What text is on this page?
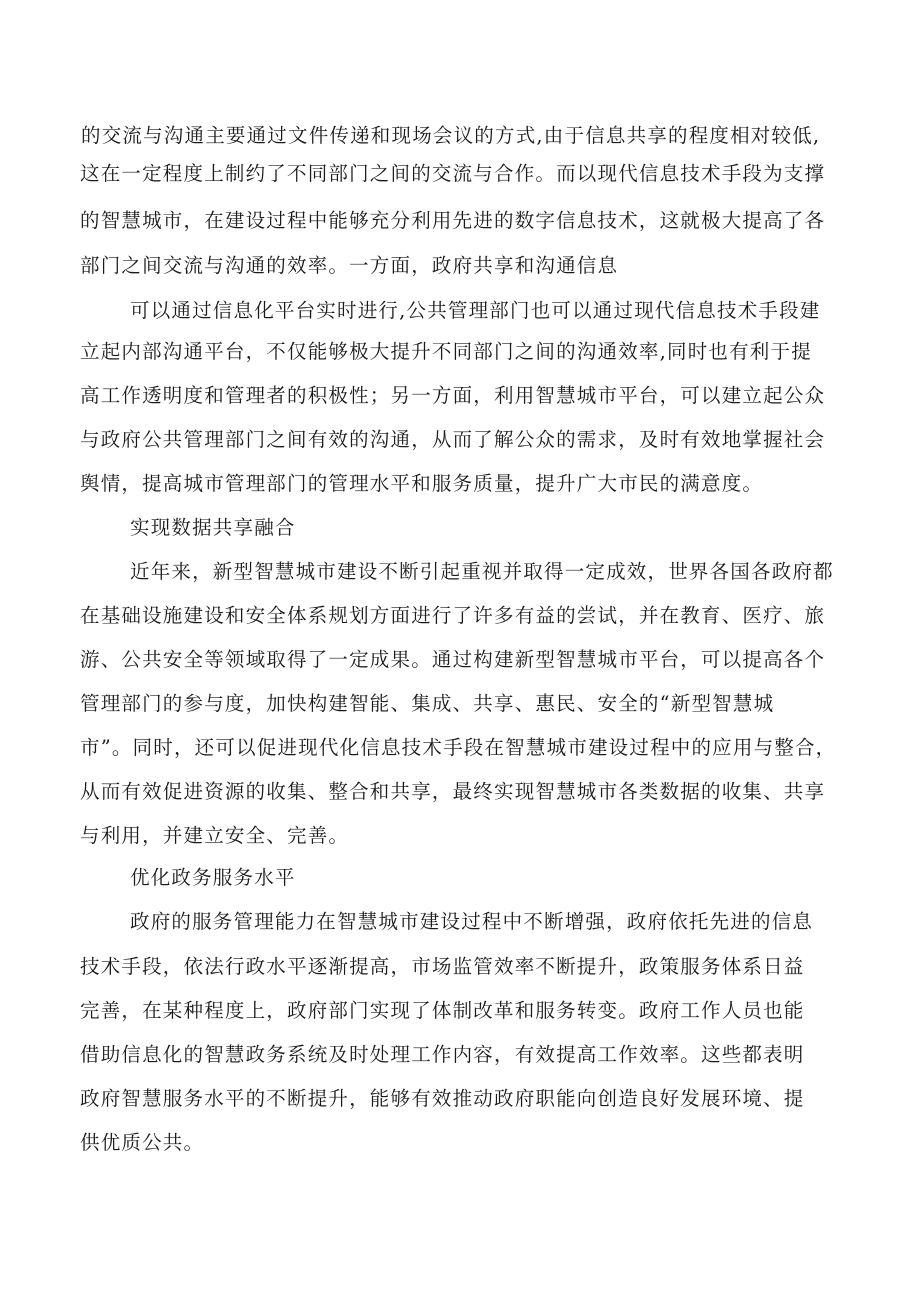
的交流与沟通主要通过文件传递和现场会议的方式,由于信息共享的程度相对较低,
这在一定程度上制约了不同部门之间的交流与合作。而以现代信息技术手段为支撑
的智慧城市，在建设过程中能够充分利用先进的数字信息技术，这就极大提高了各
部门之间交流与沟通的效率。一方面，政府共享和沟通信息
可以通过信息化平台实时进行,公共管理部门也可以通过现代信息技术手段建
立起内部沟通平台，不仅能够极大提升不同部门之间的沟通效率,同时也有利于提
高工作透明度和管理者的积极性；另一方面，利用智慧城市平台，可以建立起公众
与政府公共管理部门之间有效的沟通，从而了解公众的需求，及时有效地掌握社会
舆情，提高城市管理部门的管理水平和服务质量，提升广大市民的满意度。
实现数据共享融合
近年来，新型智慧城市建设不断引起重视并取得一定成效，世界各国各政府都
在基础设施建设和安全体系规划方面进行了许多有益的尝试，并在教育、医疗、旅
游、公共安全等领域取得了一定成果。通过构建新型智慧城市平台，可以提高各个
管理部门的参与度，加快构建智能、集成、共享、惠民、安全的“新型智慧城
市”。同时，还可以促进现代化信息技术手段在智慧城市建设过程中的应用与整合，
从而有效促进资源的收集、整合和共享，最终实现智慧城市各类数据的收集、共享
与利用，并建立安全、完善。
优化政务服务水平
政府的服务管理能力在智慧城市建设过程中不断增强，政府依托先进的信息
技术手段，依法行政水平逐渐提高，市场监管效率不断提升，政策服务体系日益
完善，在某种程度上，政府部门实现了体制改革和服务转变。政府工作人员也能
借助信息化的智慧政务系统及时处理工作内容，有效提高工作效率。这些都表明
政府智慧服务水平的不断提升，能够有效推动政府职能向创造良好发展环境、提
供优质公共。
